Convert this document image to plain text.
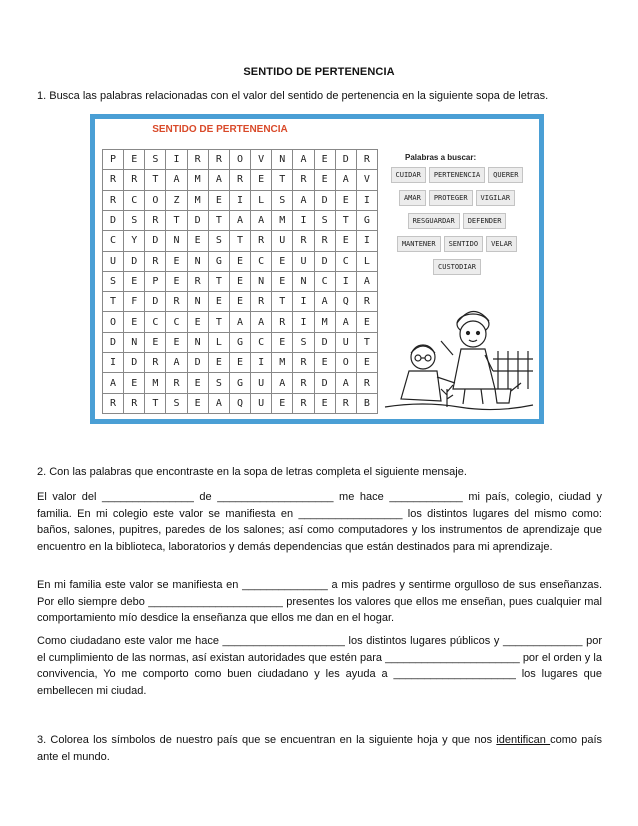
SENTIDO DE PERTENENCIA
1. Busca las palabras relacionadas con el valor del sentido de pertenencia en la siguiente sopa de letras.
SENTIDO DE PERTENENCIA
P	E	S	I	R	R	O	V	N	A	E	D	R
R	R	T	A	M	A	R	E	T	R	E	A	V
R	C	O	Z	M	E	I	L	S	A	D	E	I
D	S	R	T	D	T	A	A	M	I	S	T	G
C	Y	D	N	E	S	T	R	U	R	R	E	I
U	D	R	E	N	G	E	C	E	U	D	C	L
S	E	P	E	R	T	E	N	E	N	C	I	A
T	F	D	R	N	E	E	R	T	I	A	Q	R
O	E	C	C	E	T	A	A	R	I	M	A	E
D	N	E	E	N	L	G	C	E	S	D	U	T
I	D	R	A	D	E	E	I	M	R	E	O	E
A	E	M	R	E	S	G	U	A	R	D	A	R
R	R	T	S	E	A	Q	U	E	R	E	R	B
Palabras a buscar:
CUIDAR	PERTENENCIA	QUERER
AMAR	PROTEGER	VIGILAR
RESGUARDAR	DEFENDER
MANTENER	SENTIDO	VELAR
CUSTODIAR
2. Con las palabras que encontraste en la sopa de letras completa el siguiente mensaje.
El valor del _______________ de ___________________ me hace ____________ mi país, colegio, ciudad y familia. En mi colegio este valor se manifiesta en _________________ los distintos lugares del mismo como: baños, salones, pupitres, paredes de los salones; así como computadores y los instrumentos de aprendizaje que encuentro en la biblioteca, laboratorios y demás dependencias que están destinados para mi aprendizaje.
En mi familia este valor se manifiesta en ______________ a mis padres y sentirme orgulloso de sus enseñanzas. Por ello siempre debo ______________________ presentes los valores que ellos me enseñan, pues cualquier mal comportamiento mío desdice la enseñanza que ellos me dan en el hogar.
Como ciudadano este valor me hace ____________________ los distintos lugares públicos y _____________ por el cumplimiento de las normas, así existan autoridades que estén para ______________________ por el orden y la convivencia, Yo me comporto como buen ciudadano y les ayuda a ____________________ los lugares que embellecen mi ciudad.
3. Colorea los símbolos de nuestro país que se encuentran en la siguiente hoja y que nos identifican como país ante el mundo.
